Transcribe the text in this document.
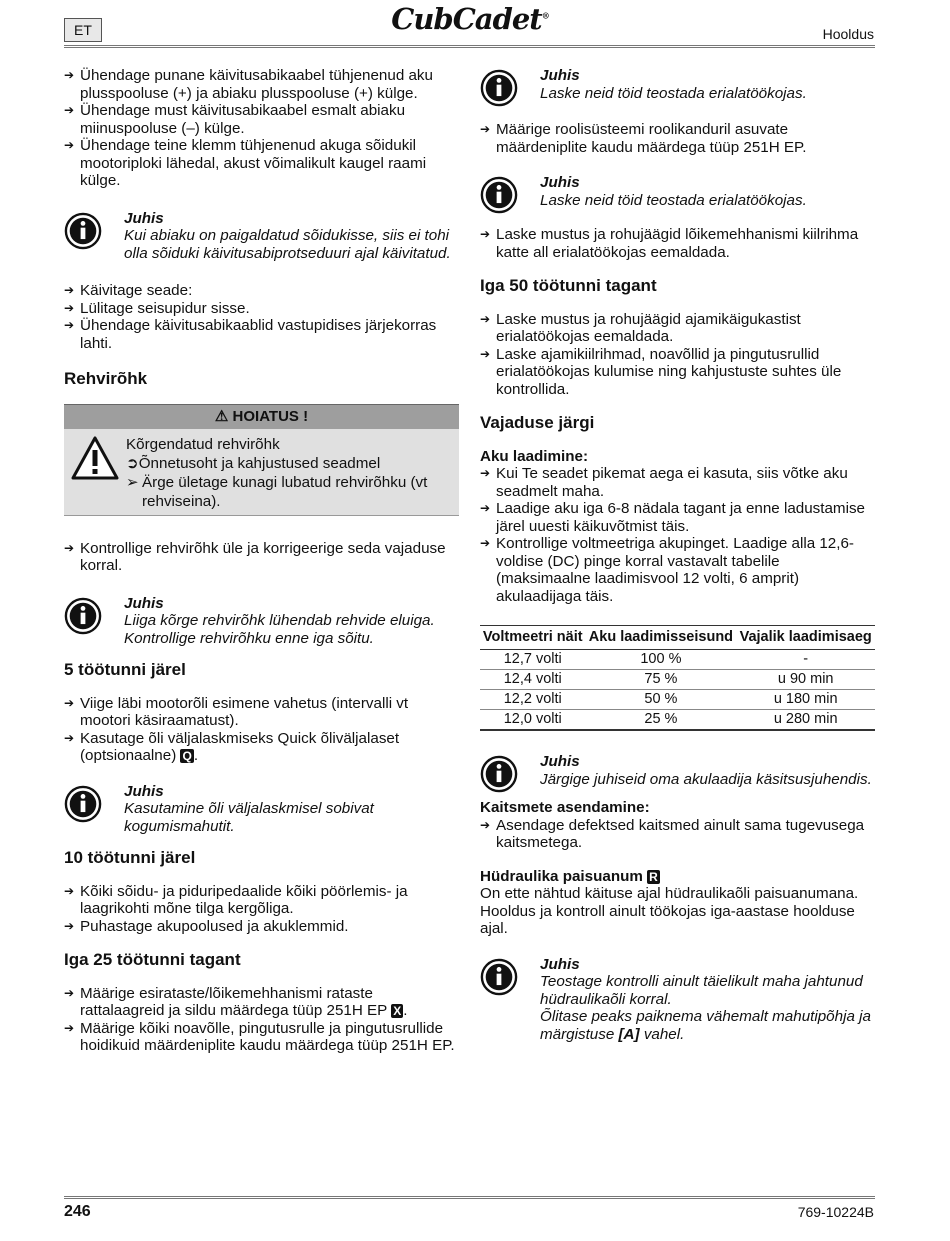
ET	CubCadet®
Hooldus

➔ Ühendage punane käivitusabikaabel tühjenenud aku plusspooluse (+) ja abiaku plusspooluse (+) külge.

➔ Ühendage must käivitusabikaabel esmalt abiaku miinuspooluse (–) külge.

➔ Ühendage teine klemm tühjenenud akuga sõidukil mootoriploki lähedal, akust võimalikult kaugel raami külge.

Juhis
Kui abiaku on paigaldatud sõidukisse, siis ei tohi olla sõiduki käivitusabiprotseduuri ajal käivitatud.

➔ Käivitage seade:

➔ Lülitage seisupidur sisse.

➔ Ühendage käivitusabikaablid vastupidises järjekorras lahti.

Rehvirõhk
⚠ HOIATUS !
Kõrgendatud rehvirõhk
➲Õnnetusoht ja kahjustused seadmel
➢ Ärge ületage kunagi lubatud rehvirõhku (vt rehviseina).

➔ Kontrollige rehvirõhk üle ja korrigeerige seda vajaduse korral.

Juhis
Liiga kõrge rehvirõhk lühendab rehvide eluiga. Kontrollige rehvirõhku enne iga sõitu.
5 töötunni järel

➔ Viige läbi mootorõli esimene vahetus (intervalli vt mootori käsiraamatust).

➔ Kasutage õli väljalaskmiseks Quick õliväljalaset (optsionaalne) Q .

Juhis
Kasutamine õli väljalaskmisel sobivat kogumismahutit.
10 töötunni järel

➔ Kõiki sõidu- ja piduripedaalide kõiki pöörlemis- ja laagrikohti mõne tilga kergõliga.

➔ Puhastage akupoolused ja akuklemmid.

Iga 25 töötunni tagant

➔ Määrige esirataste/lõikemehhanismi rataste rattalaagreid ja sildu määrdega tüüp 251H EP X .

➔ Määrige kõiki noavõlle, pingutusrulle ja pingutusrullide hoidikuid määrdeniplite kaudu määrdega tüüp 251H EP.

Juhis
Laske neid töid teostada erialatöökojas.

➔ Määrige roolisüsteemi roolikanduril asuvate määrdeniplite kaudu määrdega tüüp 251H EP.

Juhis
Laske neid töid teostada erialatöökojas.

➔ Laske mustus ja rohujäägid lõikemehhanismi kiilrihma katte all erialatöökojas eemaldada.

Iga 50 töötunni tagant

➔ Laske mustus ja rohujäägid ajamikäigukastist erialatöökojas eemaldada.

➔ Laske ajamikiilrihmad, noavõllid ja pingutusrullid erialatöökojas kulumise ning kahjustuste suhtes üle kontrollida.

Vajaduse järgi
Aku laadimine:

➔ Kui Te seadet pikemat aega ei kasuta, siis võtke aku seadmelt maha.

➔ Laadige aku iga 6-8 nädala tagant ja enne ladustamise järel uuesti käikuvõtmist täis.

➔ Kontrollige voltmeetriga akupinget. Laadige alla 12,6-voldise (DC) pinge korral vastavalt tabelile (maksimaalne laadimisvool 12 volti, 6 amprit) akulaadijaga täis.

Voltmeetri näit	Aku laadimisseisund	Vajalik laadimisaeg
12,7 volti	100 %	-
12,4 volti	75 %	u 90 min
12,2 volti	50 %	u 180 min
12,0 volti	25 %	u 280 min
Juhis
Järgige juhiseid oma akulaadija käsitsusjuhendis.
Kaitsmete asendamine:

➔ Asendage defektsed kaitsmed ainult sama tugevusega kaitsmetega.

Hüdraulika paisuanum R

On ette nähtud käituse ajal hüdraulikaõli paisuanumana. Hooldus ja kontroll ainult töökojas iga-aastase hoolduse ajal.

Juhis
Teostage kontrolli ainult täielikult maha jahtunud hüdraulikaõli korral.
Õlitase peaks paiknema vähemalt mahutipõhja ja märgistuse [A] vahel.
246	769-10224B
